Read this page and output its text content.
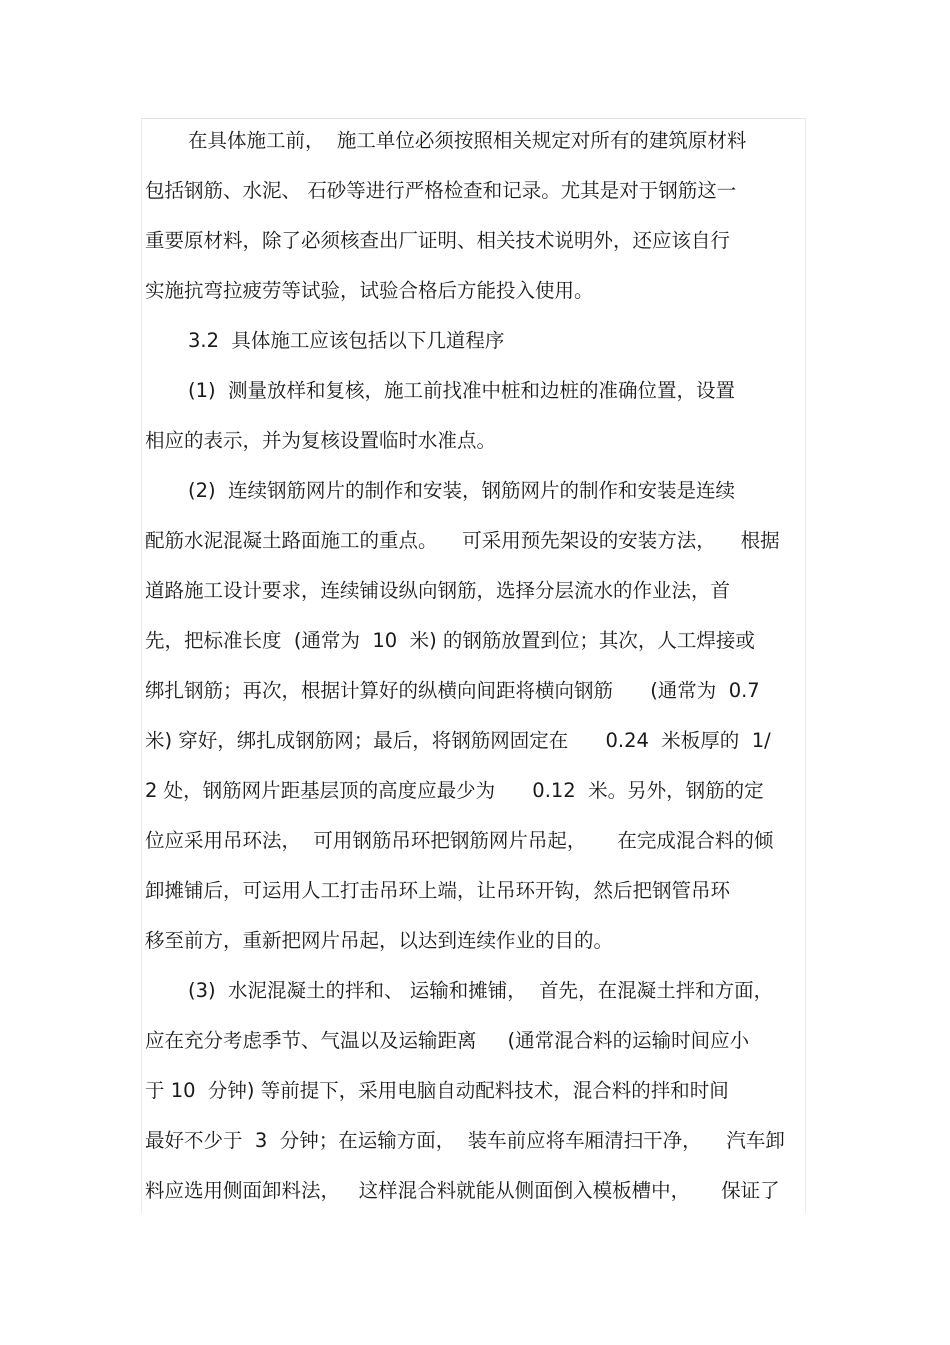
在具体施工前，  施工单位必须按照相关规定对所有的建筑原材料
包括钢筋、水泥、 石砂等进行严格检查和记录。尤其是对于钢筋这一
重要原材料，除了必须核查出厂证明、相关技术说明外，还应该自行
实施抗弯拉疲劳等试验，试验合格后方能投入使用。
3.2  具体施工应该包括以下几道程序
(1)  测量放样和复核，施工前找准中桩和边桩的准确位置，设置
相应的表示，并为复核设置临时水准点。
(2)  连续钢筋网片的制作和安装，钢筋网片的制作和安装是连续
配筋水泥混凝土路面施工的重点。    可采用预先架设的安装方法，    根据
道路施工设计要求，连续铺设纵向钢筋，选择分层流水的作业法，首
先，把标准长度  (通常为  10  米) 的钢筋放置到位；其次，人工焊接或
绑扎钢筋；再次，根据计算好的纵横向间距将横向钢筋      (通常为  0.7
米) 穿好，绑扎成钢筋网；最后，将钢筋网固定在      0.24  米板厚的  1/
2 处，钢筋网片距基层顶的高度应最少为      0.12  米。另外，钢筋的定
位应采用吊环法，  可用钢筋吊环把钢筋网片吊起，     在完成混合料的倾
卸摊铺后，可运用人工打击吊环上端，让吊环开钩，然后把钢管吊环
移至前方，重新把网片吊起，以达到连续作业的目的。
(3)  水泥混凝土的拌和、 运输和摊铺，  首先，在混凝土拌和方面，
应在充分考虑季节、气温以及运输距离     (通常混合料的运输时间应小
于 10  分钟) 等前提下，采用电脑自动配料技术，混合料的拌和时间
最好不少于  3  分钟；在运输方面，  装车前应将车厢清扫干净，    汽车卸
料应选用侧面卸料法，   这样混合料就能从侧面倒入模板槽中，     保证了
